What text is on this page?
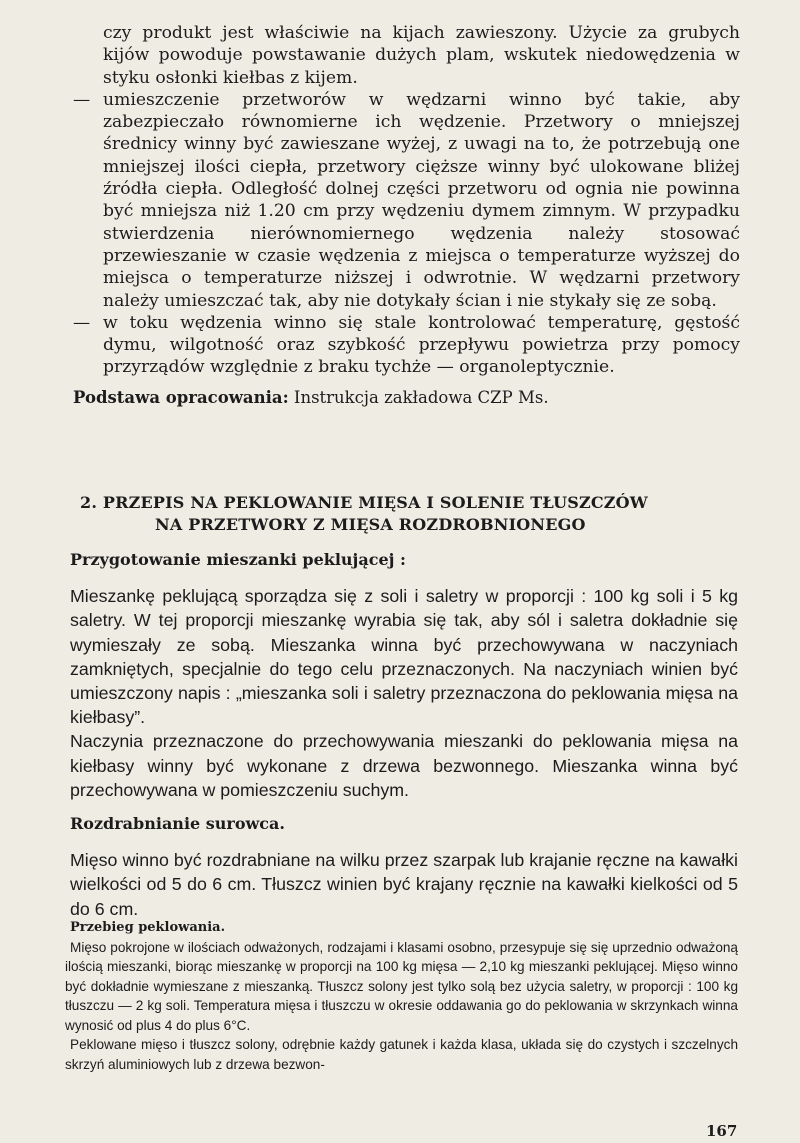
czy produkt jest właściwie na kijach zawieszony. Użycie za grubych kijów powoduje powstawanie dużych plam, wskutek niedowędzenia w styku osłonki kiełbas z kijem.

— umieszczenie przetworów w wędzarni winno być takie, aby zabezpieczało równomierne ich wędzenie. Przetwory o mniejszej średnicy winny być zawieszane wyżej, z uwagi na to, że potrzebują one mniejszej ilości ciepła, przetwory cięższe winny być ulokowane bliżej źródła ciepła. Odległość dolnej części przetworu od ognia nie powinna być mniejsza niż 1.20 cm przy wędzeniu dymem zimnym. W przypadku stwierdzenia nierównomiernego wędzenia należy stosować przewieszanie w czasie wędzenia z miejsca o temperaturze wyższej do miejsca o temperaturze niższej i odwrotnie. W wędzarni przetwory należy umieszczać tak, aby nie dotykały ścian i nie stykały się ze sobą.

— w toku wędzenia winno się stale kontrolować temperaturę, gęstość dymu, wilgotność oraz szybkość przepływu powietrza przy pomocy przyrządów względnie z braku tychże — organoleptycznie.

Podstawa opracowania: Instrukcja zakładowa CZP Ms.

2. PRZEPIS NA PEKLOWANIE MIĘSA I SOLENIE TŁUSZCZÓW
NA PRZETWORY Z MIĘSA ROZDROBNIONEGO

Przygotowanie mieszanki peklującej :

Mieszankę peklującą sporządza się z soli i saletry w proporcji : 100 kg soli i 5 kg saletry. W tej proporcji mieszankę wyrabia się tak, aby sól i saletra dokładnie się wymieszały ze sobą. Mieszanka winna być przechowywana w naczyniach zamkniętych, specjalnie do tego celu przeznaczonych. Na naczyniach winien być umieszczony napis : „mieszanka soli i saletry przeznaczona do peklowania mięsa na kiełbasy”.

Naczynia przeznaczone do przechowywania mieszanki do peklowania mięsa na kiełbasy winny być wykonane z drzewa bezwonnego. Mieszanka winna być przechowywana w pomieszczeniu suchym.

Rozdrabnianie surowca.

Mięso winno być rozdrabniane na wilku przez szarpak lub krajanie ręczne na kawałki wielkości od 5 do 6 cm. Tłuszcz winien być krajany ręcznie na kawałki kielkości od 5 do 6 cm.

Przebieg peklowania.

Mięso pokrojone w ilościach odważonych, rodzajami i klasami osobno, przesypuje się się uprzednio odważoną ilością mieszanki, biorąc mieszankę w proporcji na 100 kg mięsa — 2,10 kg mieszanki peklującej. Mięso winno być dokładnie wymieszane z mieszanką. Tłuszcz solony jest tylko solą bez użycia saletry, w proporcji : 100 kg tłuszczu — 2 kg soli. Temperatura mięsa i tłuszczu w okresie oddawania go do peklowania w skrzynkach winna wynosić od plus 4 do plus 6°C.

Peklowane mięso i tłuszcz solony, odrębnie każdy gatunek i każda klasa, układa się do czystych i szczelnych skrzyń aluminiowych lub z drzewa bezwon-

167
